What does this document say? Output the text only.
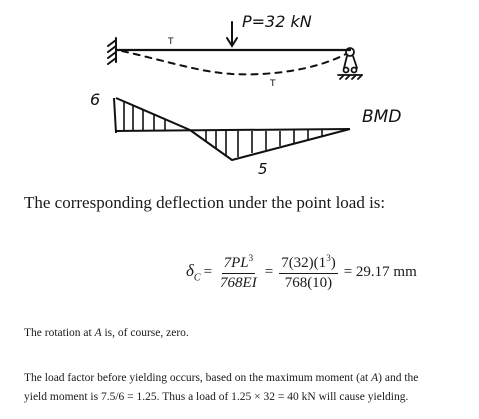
P=32 kN
T
T
6
5
BMD
The corresponding deflection under the point load is:
$\delta_C = \frac{7PL^3}{768EI} = \frac{7(32)(1^3)}{768(10)} = 29.17$ mm
The rotation at A is, of course, zero.
The load factor before yielding occurs, based on the maximum moment (at A) and the
yield moment is 7.5/6 = 1.25. Thus a load of 1.25 × 32 = 40 kN will cause yielding.
